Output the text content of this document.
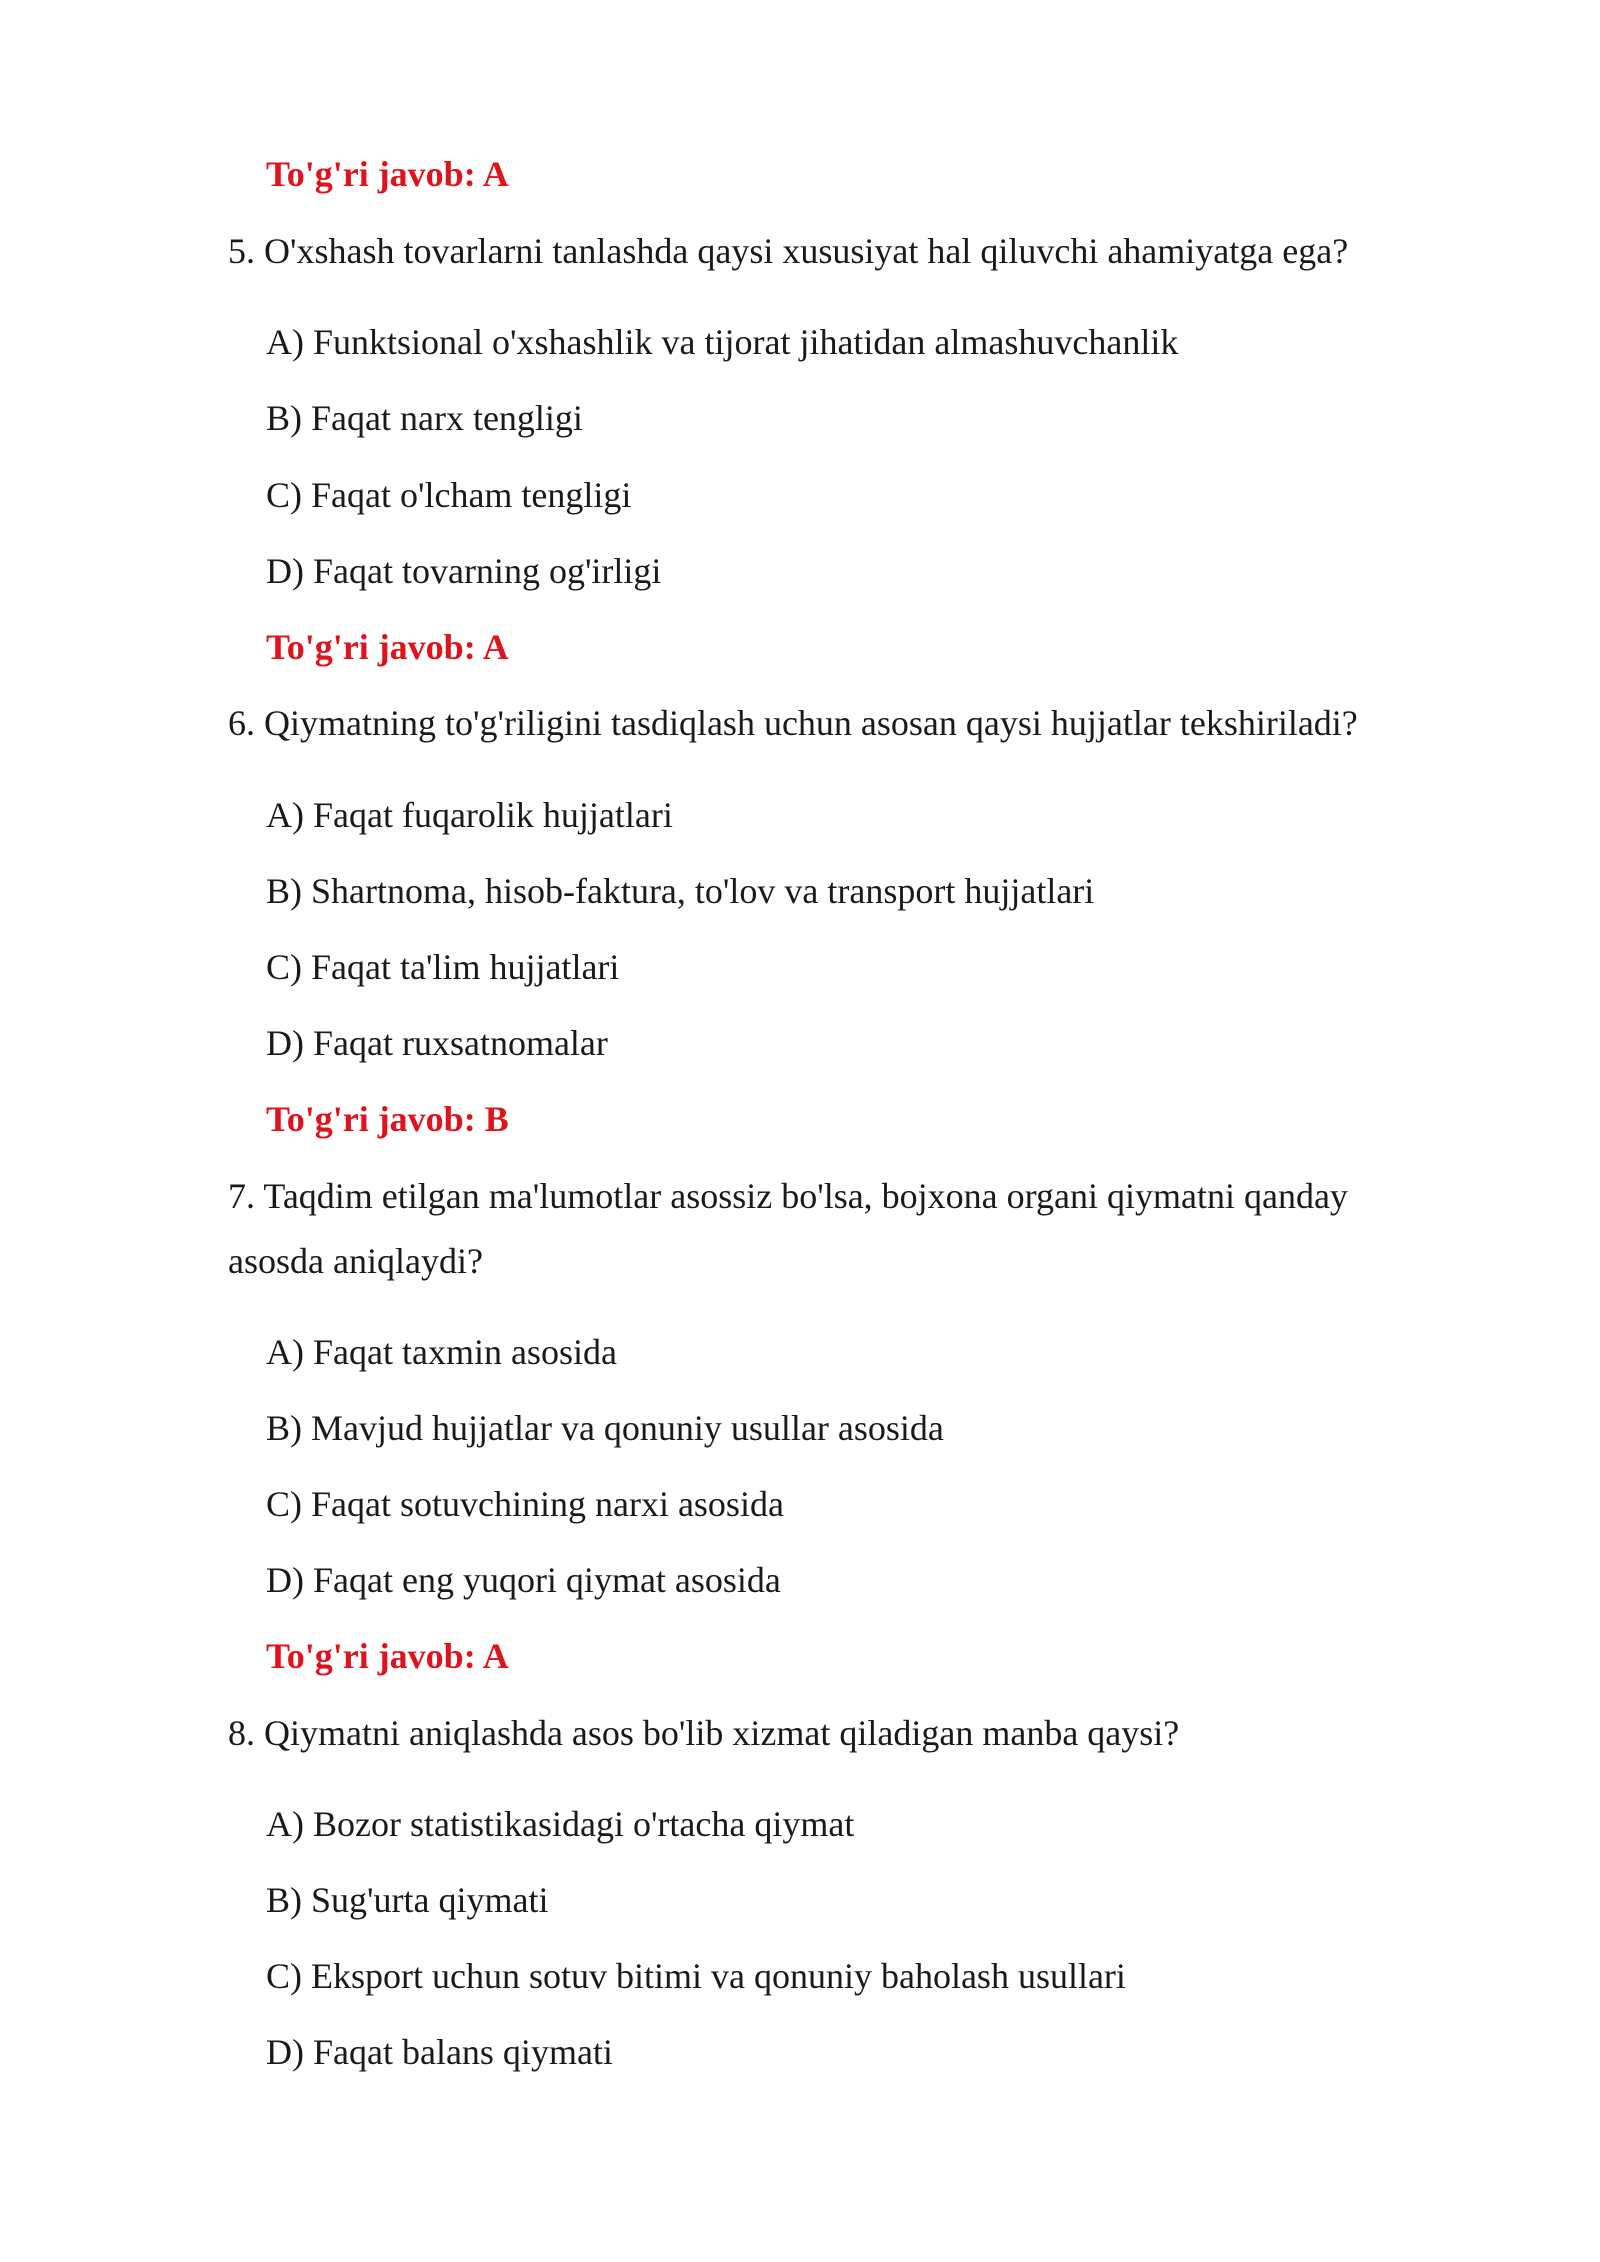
To'g'ri javob: A
5. O'xshash tovarlarni tanlashda qaysi xususiyat hal qiluvchi ahamiyatga ega?
A) Funktsional o'xshashlik va tijorat jihatidan almashuvchanlik
B) Faqat narx tengligi
C) Faqat o'lcham tengligi
D) Faqat tovarning og'irligi
To'g'ri javob: A
6. Qiymatning to'g'riligini tasdiqlash uchun asosan qaysi hujjatlar tekshiriladi?
A) Faqat fuqarolik hujjatlari
B) Shartnoma, hisob-faktura, to'lov va transport hujjatlari
C) Faqat ta'lim hujjatlari
D) Faqat ruxsatnomalar
To'g'ri javob: B
7. Taqdim etilgan ma'lumotlar asossiz bo'lsa, bojxona organi qiymatni qanday
asosda aniqlaydi?
A) Faqat taxmin asosida
B) Mavjud hujjatlar va qonuniy usullar asosida
C) Faqat sotuvchining narxi asosida
D) Faqat eng yuqori qiymat asosida
To'g'ri javob: A
8. Qiymatni aniqlashda asos bo'lib xizmat qiladigan manba qaysi?
A) Bozor statistikasidagi o'rtacha qiymat
B) Sug'urta qiymati
C) Eksport uchun sotuv bitimi va qonuniy baholash usullari
D) Faqat balans qiymati
